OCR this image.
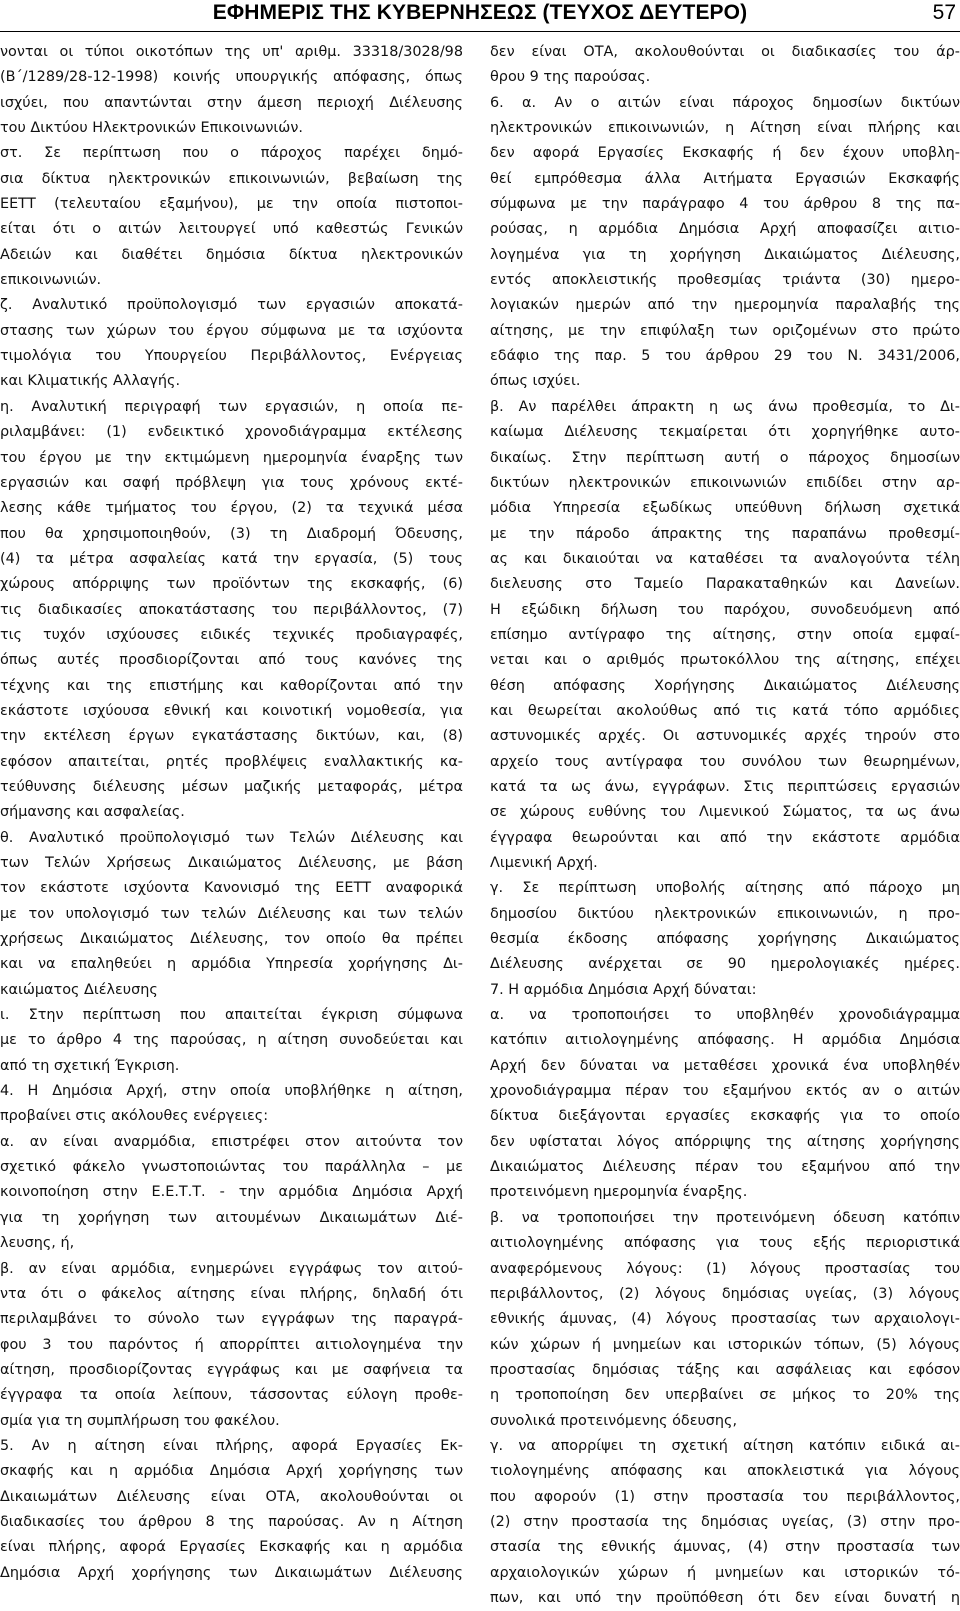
ΕΦΗΜΕΡΙΣ ΤΗΣ ΚΥΒΕΡΝΗΣΕΩΣ (ΤΕΥΧΟΣ ΔΕΥΤΕΡΟ)	57
νονται οι τύποι οικοτόπων της υπ' αριθμ. 33318/3028/98
(Β΄/1289/28-12-1998) κοινής υπουργικής απόφασης, όπως
ισχύει, που απαντώνται στην άμεση περιοχή Διέλευσης
του Δικτύου Ηλεκτρονικών Επικοινωνιών.
στ. Σε περίπτωση που ο πάροχος παρέχει δημό-
σια δίκτυα ηλεκτρονικών επικοινωνιών, βεβαίωση της
ΕΕΤΤ (τελευταίου εξαμήνου), με την οποία πιστοποι-
είται ότι ο αιτών λειτουργεί υπό καθεστώς Γενικών
Αδειών και διαθέτει δημόσια δίκτυα ηλεκτρονικών
επικοινωνιών.
ζ. Αναλυτικό προϋπολογισμό των εργασιών αποκατά-
στασης των χώρων του έργου σύμφωνα με τα ισχύοντα
τιμολόγια του Υπουργείου Περιβάλλοντος, Ενέργειας
και Κλιματικής Αλλαγής.
η. Αναλυτική περιγραφή των εργασιών, η οποία πε-
ριλαμβάνει: (1) ενδεικτικό χρονοδιάγραμμα εκτέλεσης
του έργου με την εκτιμώμενη ημερομηνία έναρξης των
εργασιών και σαφή πρόβλεψη για τους χρόνους εκτέ-
λεσης κάθε τμήματος του έργου, (2) τα τεχνικά μέσα
που θα χρησιμοποιηθούν, (3) τη Διαδρομή Όδευσης,
(4) τα μέτρα ασφαλείας κατά την εργασία, (5) τους
χώρους απόρριψης των προϊόντων της εκσκαφής, (6)
τις διαδικασίες αποκατάστασης του περιβάλλοντος, (7)
τις τυχόν ισχύουσες ειδικές τεχνικές προδιαγραφές,
όπως αυτές προσδιορίζονται από τους κανόνες της
τέχνης και της επιστήμης και καθορίζονται από την
εκάστοτε ισχύουσα εθνική και κοινοτική νομοθεσία, για
την εκτέλεση έργων εγκατάστασης δικτύων, και, (8)
εφόσον απαιτείται, ρητές προβλέψεις εναλλακτικής κα-
τεύθυνσης διέλευσης μέσων μαζικής μεταφοράς, μέτρα
σήμανσης και ασφαλείας.
θ. Αναλυτικό προϋπολογισμό των Τελών Διέλευσης και
των Τελών Χρήσεως Δικαιώματος Διέλευσης, με βάση
τον εκάστοτε ισχύοντα Κανονισμό της ΕΕΤΤ αναφορικά
με τον υπολογισμό των τελών Διέλευσης και των τελών
χρήσεως Δικαιώματος Διέλευσης, τον οποίο θα πρέπει
και να επαληθεύει η αρμόδια Υπηρεσία χορήγησης Δι-
καιώματος Διέλευσης
ι. Στην περίπτωση που απαιτείται έγκριση σύμφωνα
με το άρθρο 4 της παρούσας, η αίτηση συνοδεύεται και
από τη σχετική Έγκριση.
4. Η Δημόσια Αρχή, στην οποία υποβλήθηκε η αίτηση,
προβαίνει στις ακόλουθες ενέργειες:
α. αν είναι αναρμόδια, επιστρέφει στον αιτούντα τον
σχετικό φάκελο γνωστοποιώντας του παράλληλα – με
κοινοποίηση στην Ε.Ε.Τ.Τ. - την αρμόδια Δημόσια Αρχή
για τη χορήγηση των αιτουμένων Δικαιωμάτων Διέ-
λευσης, ή,
β. αν είναι αρμόδια, ενημερώνει εγγράφως τον αιτού-
ντα ότι ο φάκελος αίτησης είναι πλήρης, δηλαδή ότι
περιλαμβάνει το σύνολο των εγγράφων της παραγρά-
φου 3 του παρόντος ή απορρίπτει αιτιολογημένα την
αίτηση, προσδιορίζοντας εγγράφως και με σαφήνεια τα
έγγραφα τα οποία λείπουν, τάσσοντας εύλογη προθε-
σμία για τη συμπλήρωση του φακέλου.
5. Αν η αίτηση είναι πλήρης, αφορά Εργασίες Εκ-
σκαφής και η αρμόδια Δημόσια Αρχή χορήγησης των
Δικαιωμάτων Διέλευσης είναι ΟΤΑ, ακολουθούνται οι
διαδικασίες του άρθρου 8 της παρούσας. Αν η Αίτηση
είναι πλήρης, αφορά Εργασίες Εκσκαφής και η αρμόδια
Δημόσια Αρχή χορήγησης των Δικαιωμάτων Διέλευσης
δεν είναι ΟΤΑ, ακολουθούνται οι διαδικασίες του άρ-
θρου 9 της παρούσας.
6. α. Αν ο αιτών είναι πάροχος δημοσίων δικτύων
ηλεκτρονικών επικοινωνιών, η Αίτηση είναι πλήρης και
δεν αφορά Εργασίες Εκσκαφής ή δεν έχουν υποβλη-
θεί εμπρόθεσμα άλλα Αιτήματα Εργασιών Εκσκαφής
σύμφωνα με την παράγραφο 4 του άρθρου 8 της πα-
ρούσας, η αρμόδια Δημόσια Αρχή αποφασίζει αιτιο-
λογημένα για τη χορήγηση Δικαιώματος Διέλευσης,
εντός αποκλειστικής προθεσμίας τριάντα (30) ημερο-
λογιακών ημερών από την ημερομηνία παραλαβής της
αίτησης, με την επιφύλαξη των οριζομένων στο πρώτο
εδάφιο της παρ. 5 του άρθρου 29 του Ν. 3431/2006,
όπως ισχύει.
β. Αν παρέλθει άπρακτη η ως άνω προθεσμία, το Δι-
καίωμα Διέλευσης τεκμαίρεται ότι χορηγήθηκε αυτο-
δικαίως. Στην περίπτωση αυτή ο πάροχος δημοσίων
δικτύων ηλεκτρονικών επικοινωνιών επιδίδει στην αρ-
μόδια Υπηρεσία εξωδίκως υπεύθυνη δήλωση σχετικά
με την πάροδο άπρακτης της παραπάνω προθεσμί-
ας και δικαιούται να καταθέσει τα αναλογούντα τέλη
διελευσης στο Ταμείο Παρακαταθηκών και Δανείων.
Η εξώδικη δήλωση του παρόχου, συνοδευόμενη από
επίσημο αντίγραφο της αίτησης, στην οποία εμφαί-
νεται και ο αριθμός πρωτοκόλλου της αίτησης, επέχει
θέση απόφασης Χορήγησης Δικαιώματος Διέλευσης
και θεωρείται ακολούθως από τις κατά τόπο αρμόδιες
αστυνομικές αρχές. Οι αστυνομικές αρχές τηρούν στο
αρχείο τους αντίγραφα του συνόλου των θεωρημένων,
κατά τα ως άνω, εγγράφων. Στις περιπτώσεις εργασιών
σε χώρους ευθύνης του Λιμενικού Σώματος, τα ως άνω
έγγραφα θεωρούνται και από την εκάστοτε αρμόδια
Λιμενική Αρχή.
γ. Σε περίπτωση υποβολής αίτησης από πάροχο μη
δημοσίου δικτύου ηλεκτρονικών επικοινωνιών, η προ-
θεσμία έκδοσης απόφασης χορήγησης Δικαιώματος
Διέλευσης ανέρχεται σε 90 ημερολογιακές ημέρες.
7. Η αρμόδια Δημόσια Αρχή δύναται:
α. να τροποποιήσει το υποβληθέν χρονοδιάγραμμα
κατόπιν αιτιολογημένης απόφασης. Η αρμόδια Δημόσια
Αρχή δεν δύναται να μεταθέσει χρονικά ένα υποβληθέν
χρονοδιάγραμμα πέραν του εξαμήνου εκτός αν ο αιτών
δίκτυα διεξάγονται εργασίες εκσκαφής για το οποίο
δεν υφίσταται λόγος απόρριψης της αίτησης χορήγησης
Δικαιώματος Διέλευσης πέραν του εξαμήνου από την
προτεινόμενη ημερομηνία έναρξης.
β. να τροποποιήσει την προτεινόμενη όδευση κατόπιν
αιτιολογημένης απόφασης για τους εξής περιοριστικά
αναφερόμενους λόγους: (1) λόγους προστασίας του
περιβάλλοντος, (2) λόγους δημόσιας υγείας, (3) λόγους
εθνικής άμυνας, (4) λόγους προστασίας των αρχαιολογι-
κών χώρων ή μνημείων και ιστορικών τόπων, (5) λόγους
προστασίας δημόσιας τάξης και ασφάλειας και εφόσον
η τροποποίηση δεν υπερβαίνει σε μήκος το 20% της
συνολικά προτεινόμενης όδευσης,
γ. να απορρίψει τη σχετική αίτηση κατόπιν ειδικά αι-
τιολογημένης απόφασης και αποκλειστικά για λόγους
που αφορούν (1) στην προστασία του περιβάλλοντος,
(2) στην προστασία της δημόσιας υγείας, (3) στην προ-
στασία της εθνικής άμυνας, (4) στην προστασία των
αρχαιολογικών χώρων ή μνημείων και ιστορικών τό-
πων, και υπό την προϋπόθεση ότι δεν είναι δυνατή η
